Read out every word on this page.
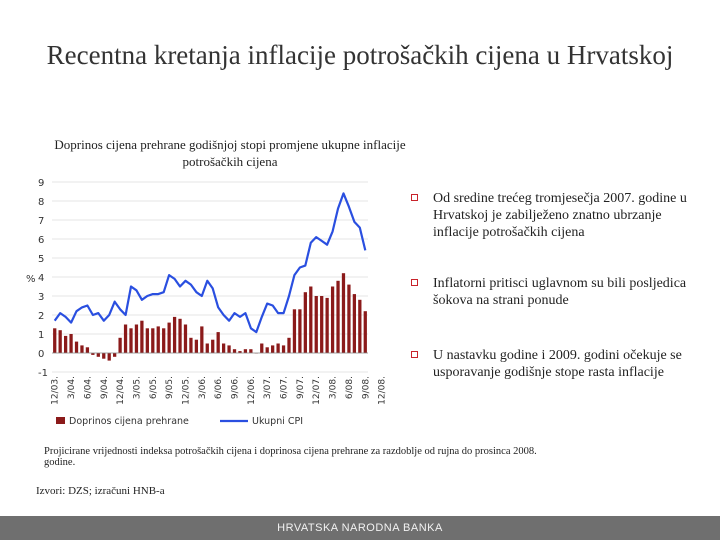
Recentna kretanja inflacije potrošačkih cijena u Hrvatskoj
Doprinos cijena prehrane godišnjoj stopi promjene ukupne inflacije potrošačkih cijena
-1
0
1
2
3
4
5
6
7
8
9
%
12/03. 3/04. 6/04. 9/04. 12/04. 3/05. 6/05. 9/05. 12/05. 3/06. 6/06. 9/06. 12/06. 3/07. 6/07. 9/07. 12/07. 3/08. 6/08. 9/08. 12/08.
Doprinos cijena prehrane	Ukupni CPI
Od sredine trećeg tromjesečja 2007. godine u Hrvatskoj je zabilježeno znatno ubrzanje inflacije potrošačkih cijena
Inflatorni pritisci uglavnom su bili posljedica šokova na strani ponude
U nastavku godine i 2009. godini očekuje se usporavanje godišnje stope rasta inflacije
Projicirane vrijednosti indeksa potrošačkih cijena i doprinosa cijena prehrane za razdoblje od rujna do prosinca 2008. godine.
Izvori: DZS; izračuni HNB-a
HRVATSKA NARODNA BANKA
